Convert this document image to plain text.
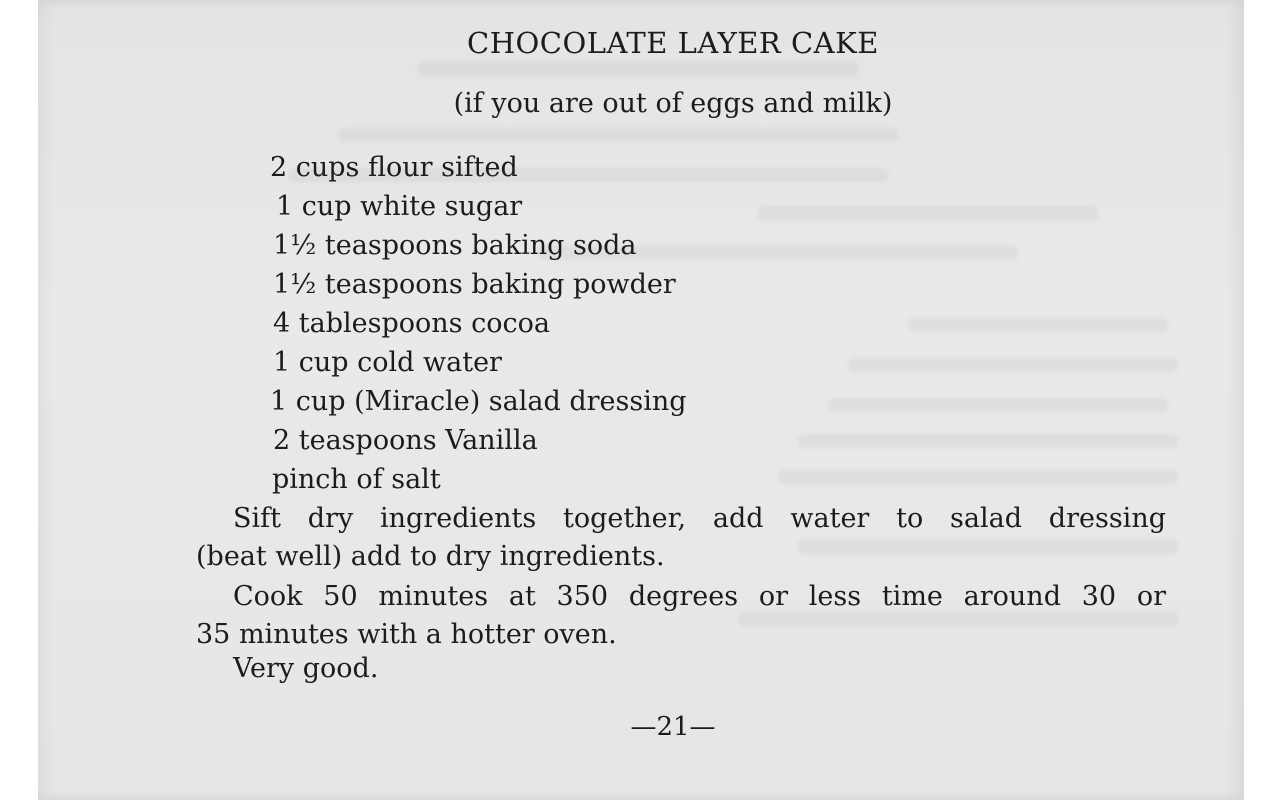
CHOCOLATE LAYER CAKE

(if you are out of eggs and milk)

2 cups flour sifted
1 cup white sugar
1½ teaspoons baking soda
1½ teaspoons baking powder
4 tablespoons cocoa
1 cup cold water
1 cup (Miracle) salad dressing
2 teaspoons Vanilla
pinch of salt

Sift dry ingredients together, add water to salad dressing
(beat well) add to dry ingredients.

Cook 50 minutes at 350 degrees or less time around 30 or
35 minutes with a hotter oven.

Very good.

—21—
